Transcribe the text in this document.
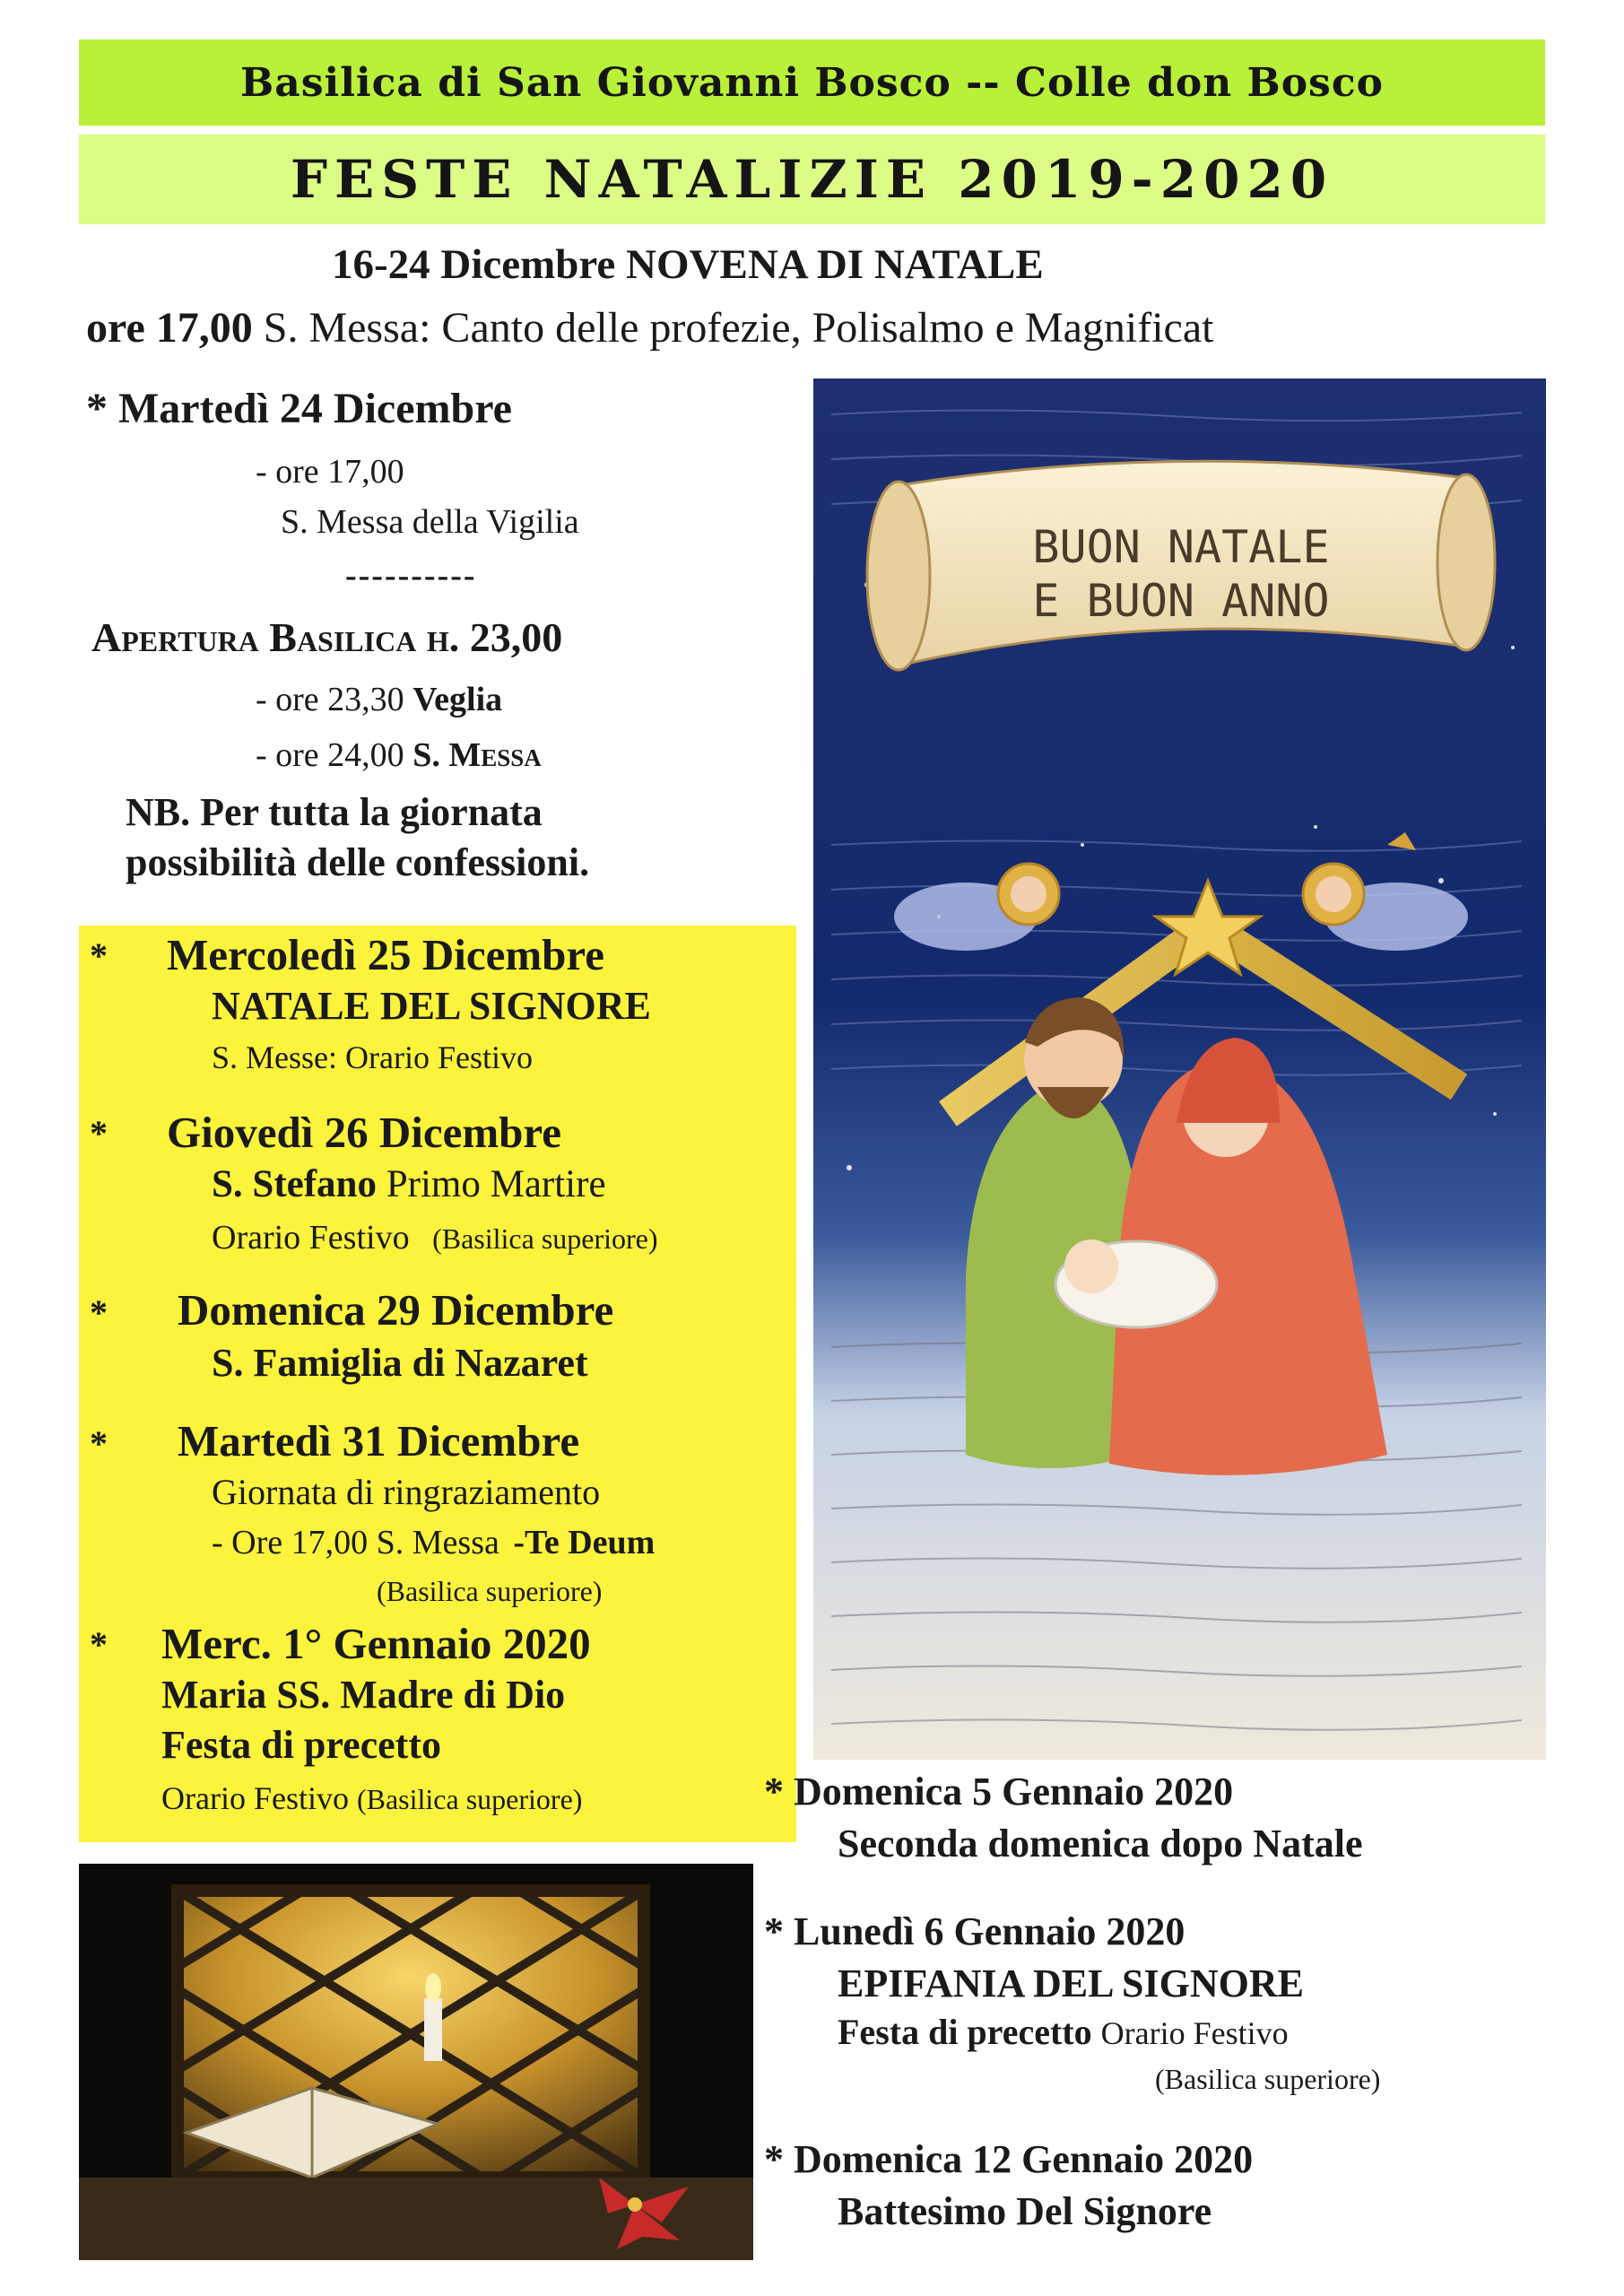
Basilica di San Giovanni Bosco -- Colle don Bosco
FESTE NATALIZIE 2019-2020
16-24 Dicembre NOVENA DI NATALE
ore 17,00 S. Messa: Canto delle profezie, Polisalmo e Magnificat
* Martedì 24 Dicembre
- ore 17,00
S. Messa della Vigilia
----------
Apertura Basilica h. 23,00
- ore 23,30 Veglia
- ore 24,00 S. Messa
NB. Per tutta la giornata
possibilità delle confessioni.
* Mercoledì 25 Dicembre
NATALE DEL SIGNORE
S. Messe: Orario Festivo
* Giovedì 26 Dicembre
S. Stefano Primo Martire
Orario Festivo (Basilica superiore)
* Domenica 29 Dicembre
S. Famiglia di Nazaret
* Martedì 31 Dicembre
Giornata di ringraziamento
- Ore 17,00 S. Messa -Te Deum
(Basilica superiore)
* Merc. 1° Gennaio 2020
Maria SS. Madre di Dio
Festa di precetto
Orario Festivo (Basilica superiore)
BUON NATALE
E BUON ANNO
* Domenica 5 Gennaio 2020
Seconda domenica dopo Natale
* Lunedì 6 Gennaio 2020
EPIFANIA DEL SIGNORE
Festa di precetto Orario Festivo
(Basilica superiore)
* Domenica 12 Gennaio 2020
Battesimo Del Signore
